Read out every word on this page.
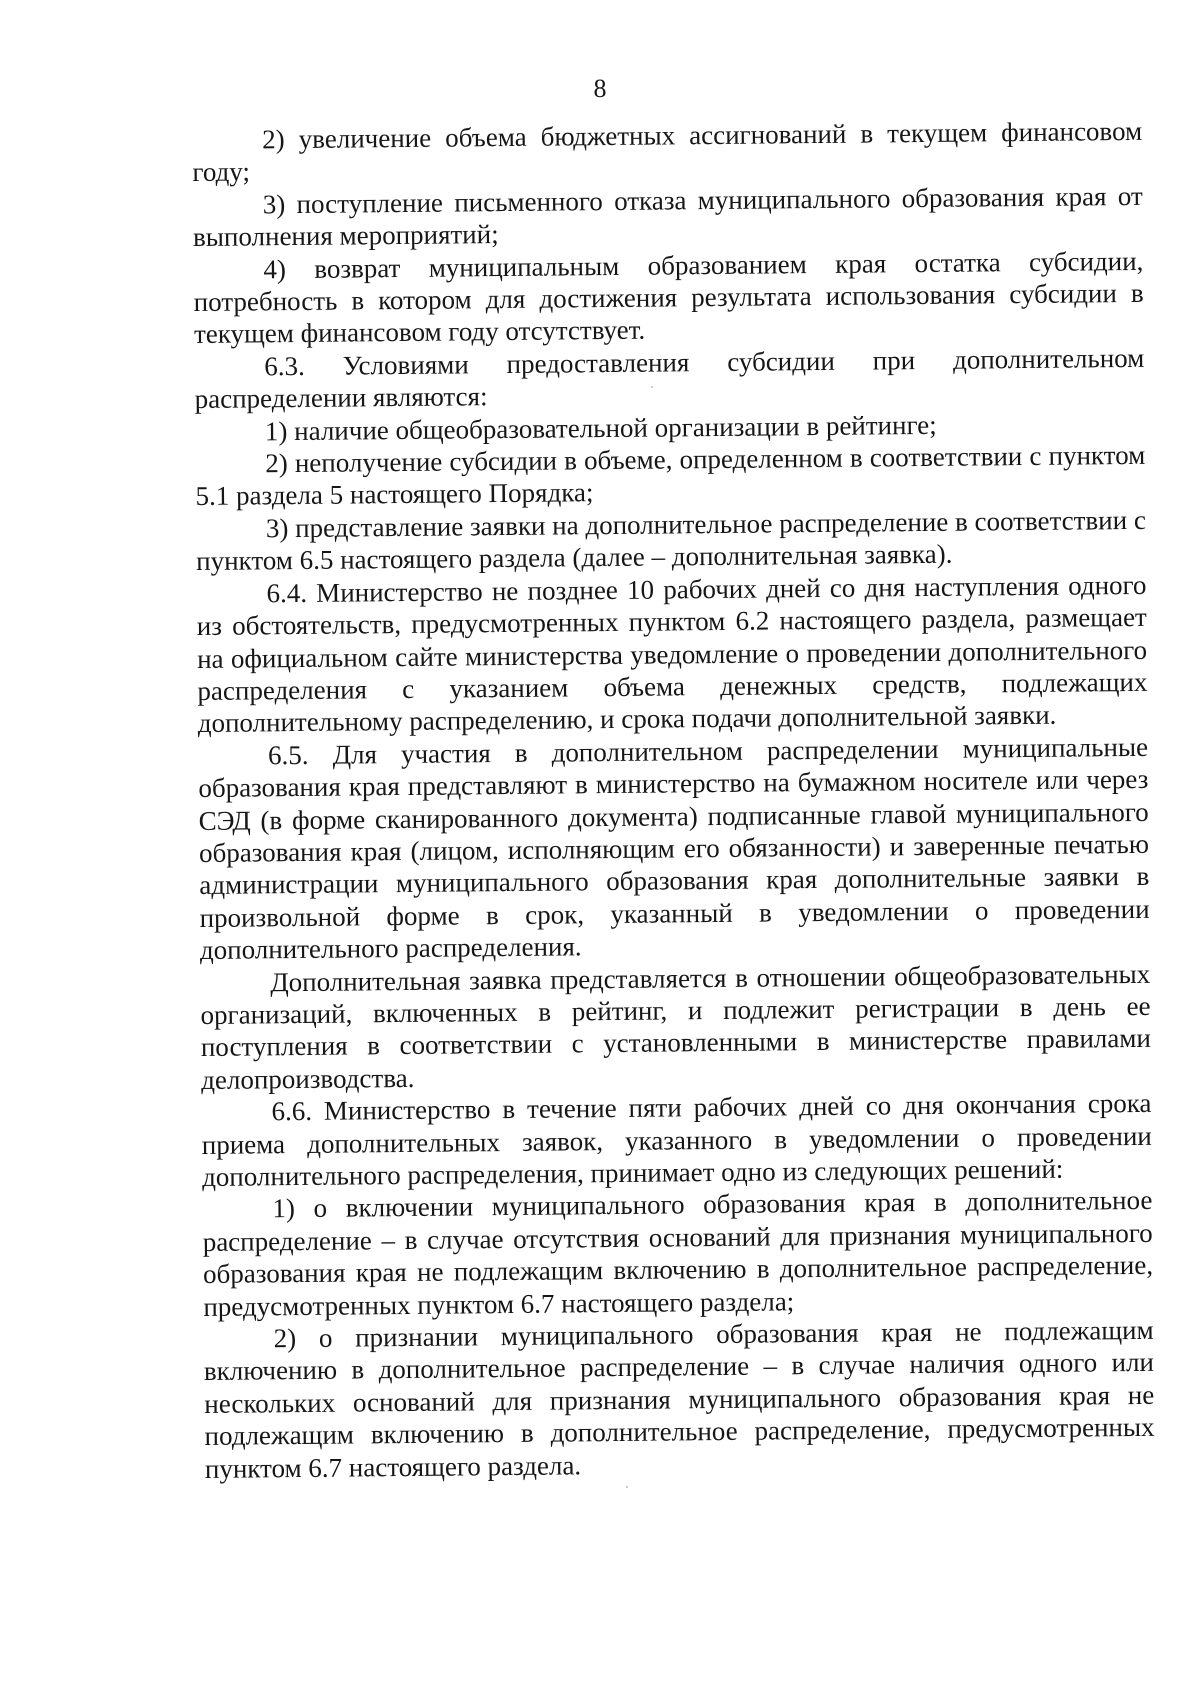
8

2) увеличение объема бюджетных ассигнований в текущем финансовом году;

3) поступление письменного отказа муниципального образования края от выполнения мероприятий;

4) возврат муниципальным образованием края остатка субсидии, потребность в котором для достижения результата использования субсидии в текущем финансовом году отсутствует.

6.3. Условиями предоставления субсидии при дополнительном распределении являются:

1) наличие общеобразовательной организации в рейтинге;

2) неполучение субсидии в объеме, определенном в соответствии с пунктом 5.1 раздела 5 настоящего Порядка;

3) представление заявки на дополнительное распределение в соответствии с пунктом 6.5 настоящего раздела (далее – дополнительная заявка).

6.4. Министерство не позднее 10 рабочих дней со дня наступления одного из обстоятельств, предусмотренных пунктом 6.2 настоящего раздела, размещает на официальном сайте министерства уведомление о проведении дополнительного распределения с указанием объема денежных средств, подлежащих дополнительному распределению, и срока подачи дополнительной заявки.

6.5. Для участия в дополнительном распределении муниципальные образования края представляют в министерство на бумажном носителе или через СЭД (в форме сканированного документа) подписанные главой муниципального образования края (лицом, исполняющим его обязанности) и заверенные печатью администрации муниципального образования края дополнительные заявки в произвольной форме в срок, указанный в уведомлении о проведении дополнительного распределения.

Дополнительная заявка представляется в отношении общеобразовательных организаций, включенных в рейтинг, и подлежит регистрации в день ее поступления в соответствии с установленными в министерстве правилами делопроизводства.

6.6. Министерство в течение пяти рабочих дней со дня окончания срока приема дополнительных заявок, указанного в уведомлении о проведении дополнительного распределения, принимает одно из следующих решений:

1) о включении муниципального образования края в дополнительное распределение – в случае отсутствия оснований для признания муниципального образования края не подлежащим включению в дополнительное распределение, предусмотренных пунктом 6.7 настоящего раздела;

2) о признании муниципального образования края не подлежащим включению в дополнительное распределение – в случае наличия одного или нескольких оснований для признания муниципального образования края не подлежащим включению в дополнительное распределение, предусмотренных пунктом 6.7 настоящего раздела.
